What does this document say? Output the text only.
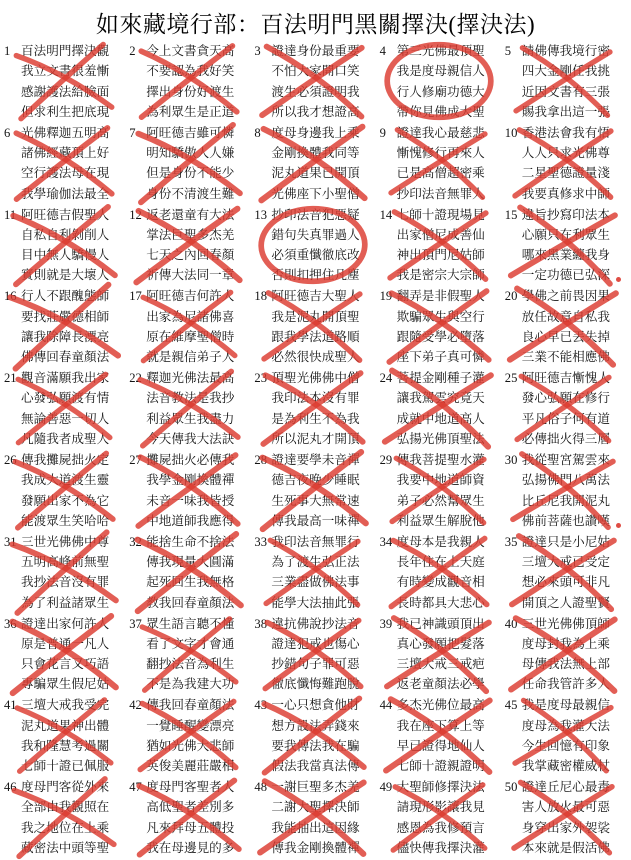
如來藏境行部：百法明門黑關擇決(擇決法)
1 百法明門擇決觀
我立文書很羞慚
感謝護法給臉面
但求利生把底現
2 今上文書貪天高
不要認為我好笑
擇出身份好渡生
為利眾生是正道
3 證達身份最重要
不怕大家開口笑
渡生必須證明我
所以我才想證高
4 第三光佛最頂聖
我是度母親信人
行人修廟功德大
帶你見佛成大聖
5 請佛傳我境行密
四大金剛任我挑
近因文書有三張
賜我拿出這一張
6 光佛釋迦五明高
諸佛經藏頂上好
空行護法母在現
我學瑜伽法最全
7 阿旺德吉雖可憐
明知驕傲人人嫌
但是身份不能少
身份不清渡生難
8 度母身邊我上乘
金剛換體我同等
泥丸道果已開頂
光佛座下小聖僧
9 證達我心最慈悲
慚愧修行再來人
已是高僧超密乘
抄印法音無罪人
10 香港法會我有悟
人人只求光佛尊
二星聖德證量淺
我要真修求中師
11 阿旺德吉假聖人
自私自利剝削人
目中無人驕慢人
實則就是大壞人
12 返老還童有大法
掌法巨聖多杰羌
七天之內回春顏
祈傳大法同一章
13 抄印法音犯惡疑
錯句失真罪過人
必須重懺徹底改
否則扣押住凡塵
14 七師十證現場見
出家僧尼成善仙
神出頂門尼姑師
我是密宗大宗師
15 違旨抄寫印法本
心願只在利眾生
哪來黑業纏我身
一定功德已弘深
16 行人不跟醜態師
要找莊嚴德相師
讓我除障長漂亮
佛傳回春童顏法
17 阿旺德吉何許人
出家為尼諸佛喜
原在維摩聖僧時
就是親信弟子人
18 阿旺德吉大聖人
我是泥丸開頂聖
跟我學法道路順
必然很快成聖人
19 翻弄是非假聖人
欺騙眾生與空行
跟隨受學必墮落
座下弟子真可憐
20 學佛之前畏因果
放任故意自私我
良心早已丟失掉
三業不能相應佛
21 觀音滿願我出家
心發弘願渡有情
無論善惡一切人
凡隨我者成聖人
22 釋迦光佛法最高
法音教法是我抄
利益眾生我盡力
今天傳我大法訣
23 頂聖光佛佛中僧
我印法本沒有罪
是為利生不為我
所以泥丸才開頂
24 菩提金剛種子灌
讓我駕雲究竟天
成就中地道高人
弘揚光佛頂聖法
25 阿旺德吉慚愧人
發心弘願在修行
平凡俗子何有道
必傳拙火得三層
26 傳我攤屍拙火定
我成大道渡生靈
發願出家不為它
能渡眾生笑哈哈
27 攤屍拙火必傳我
我學金剛換體禪
未音一味我皆授
中地道師我應得
28 證達要學未音禪
德吉夜晚少睡眠
生死事大無常速
傳我最高一味禪
29 傳我菩提聖水灌
我要中地道師資
弟子必然幫眾生
利益眾生解脫他
30 我從聖宮駕雲來
弘揚佛門八萬法
比丘尼我開泥丸
佛前菩薩也讚嘆
31 三世光佛佛中尊
五明高峰前無聖
我抄法音沒有罪
為了利益諸眾生
32 能捨生命不捨法
傳我現量大圓滿
起死回生我無格
教我回春童顏法
33 我印法音無罪行
為了渡生弘正法
三業盡做佛法事
能學大法抽此張
34 度母本是我親人
長年住在上天庭
有時變成觀音相
長時都具大悲心
35 證達只是小尼姑
三壇大戒已受定
想必來頭可非凡
開頂之人證聖賢
36 證達出家何許人
原是普通一凡人
只會花言又巧語
專騙眾生假尼姑
37 眾生語言聽不懂
看了文字才會通
翻抄法音為利生
不是為我建大功
38 違抗佛說抄法音
證達犯戒也傷心
抄錯句子罪可惡
徹底懺悔難跑脫
39 我已神識頭頂出
真心發願把髮落
三壇大戒三戒疤
返老童顏法必學
40 三世光佛佛頂師
度母封我為上乘
母傳我法無上部
任命我管許多人
41 三壇大戒我受完
泥丸道果神出體
我和隆慧考過關
七師十證已佩服
42 傳我回春童顏法
一覺睡醒變漂亮
猶如光佛大悲師
英俊美麗莊嚴相
43 一心只想貪他財
想方設法弄錢來
要我傳法我在騙
假法我當真法傳
44 多杰光佛位最高
我在座下算上等
早已證得地仙人
七師十證親證明
45 我是度母最親信
度母為我灌大法
今生回憶有印象
我掌藏密權威杖
46 度母門客從外來
全部由我觀照在
我之地位在上乘
藏密法中頭等聖
47 度母門客聖者人
高低聖者差別多
凡來拜母五體投
我在母邊見的多
48 一謝巨聖多杰羌
二謝大聖擇決師
我能抽出這因緣
傳我金剛換體禪
49 大聖師修擇決法
請現形影讓我見
感恩為我修預言
儘快傳我擇決灌
50 證達丘尼心最毒
害人放火最可惡
身穿出家外袈裟
本來就是假活佛
